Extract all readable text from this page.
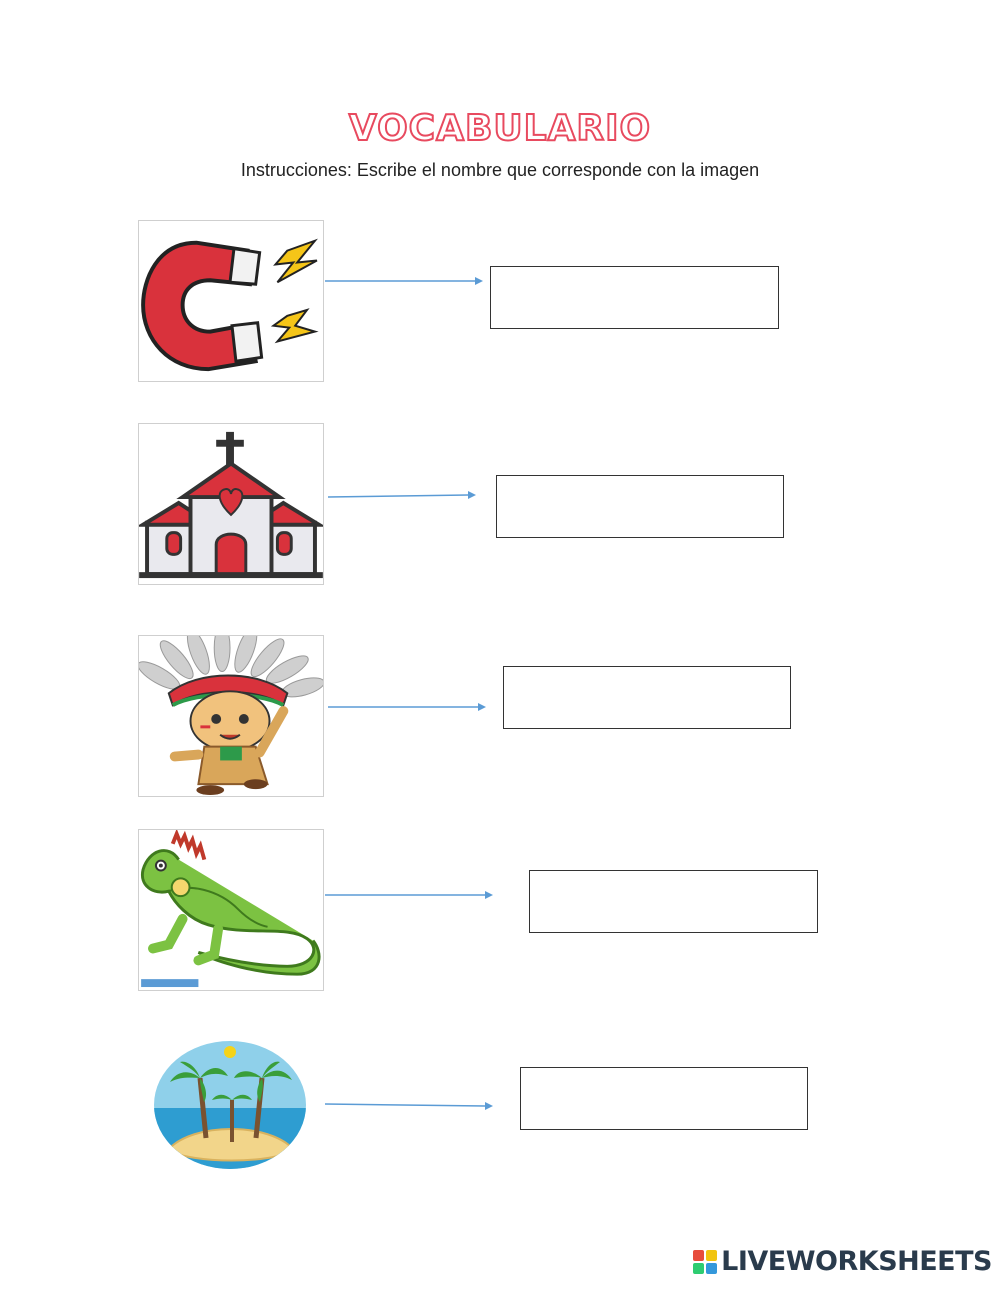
VOCABULARIO
Instrucciones: Escribe el nombre que corresponde con la imagen
LIVEWORKSHEETS
